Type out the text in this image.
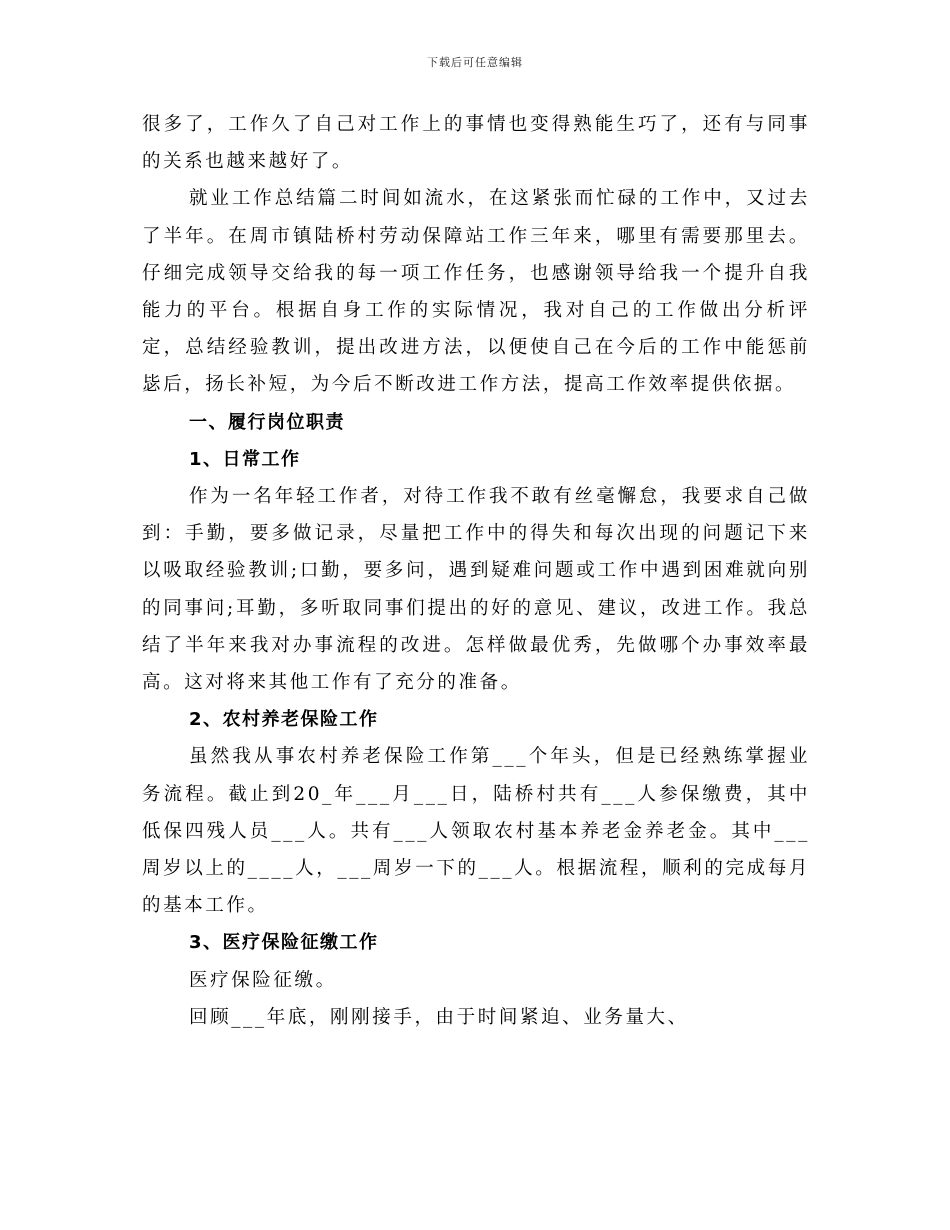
下载后可任意编辑

很多了，工作久了自己对工作上的事情也变得熟能生巧了，还有与同事的关系也越来越好了。

就业工作总结篇二时间如流水，在这紧张而忙碌的工作中，又过去了半年。在周市镇陆桥村劳动保障站工作三年来，哪里有需要那里去。仔细完成领导交给我的每一项工作任务，也感谢领导给我一个提升自我能力的平台。根据自身工作的实际情况，我对自己的工作做出分析评定，总结经验教训，提出改进方法，以便使自己在今后的工作中能惩前毖后，扬长补短，为今后不断改进工作方法，提高工作效率提供依据。

一、履行岗位职责

1、日常工作

作为一名年轻工作者，对待工作我不敢有丝毫懈怠，我要求自己做到：手勤，要多做记录，尽量把工作中的得失和每次出现的问题记下来以吸取经验教训;口勤，要多问，遇到疑难问题或工作中遇到困难就向别的同事问;耳勤，多听取同事们提出的好的意见、建议，改进工作。我总结了半年来我对办事流程的改进。怎样做最优秀，先做哪个办事效率最高。这对将来其他工作有了充分的准备。

2、农村养老保险工作

虽然我从事农村养老保险工作第___个年头，但是已经熟练掌握业务流程。截止到20_年___月___日，陆桥村共有___人参保缴费，其中低保四残人员___人。共有___人领取农村基本养老金养老金。其中___周岁以上的____人，___周岁一下的___人。根据流程，顺利的完成每月的基本工作。

3、医疗保险征缴工作

医疗保险征缴。

回顾___年底，刚刚接手，由于时间紧迫、业务量大、
